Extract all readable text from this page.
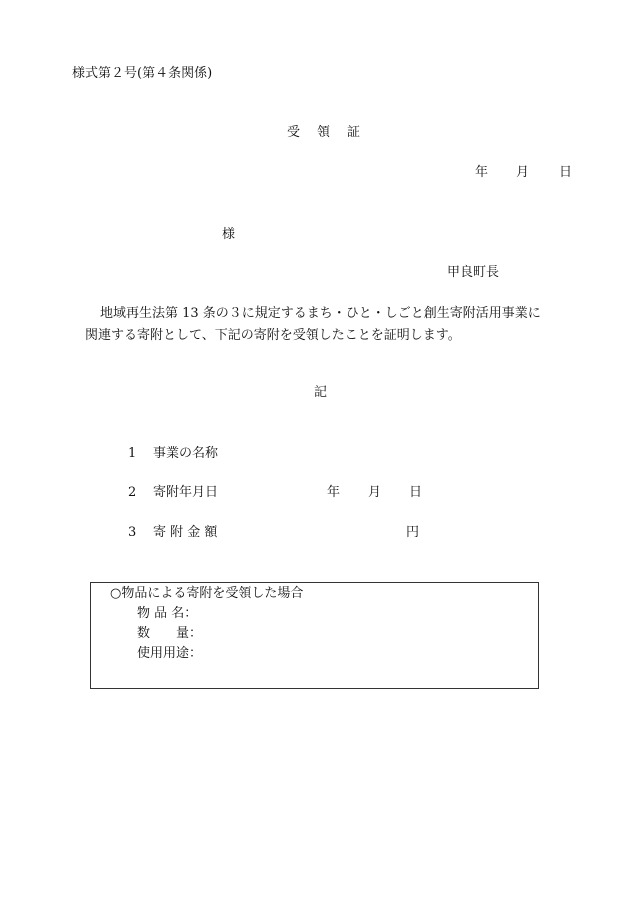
様式第２号(第４条関係)
受　領　証
年 月 日
様
甲良町長
地域再生法第 13 条の３に規定するまち・ひと・しごと創生寄附活用事業に
関連する寄附として、下記の寄附を受領したことを証明します。
記
1 事業の名称
2 寄附年月日	年 月 日
3 寄 附 金 額	円
○物品による寄附を受領した場合
物 品 名：
数　　量：
使用用途：
